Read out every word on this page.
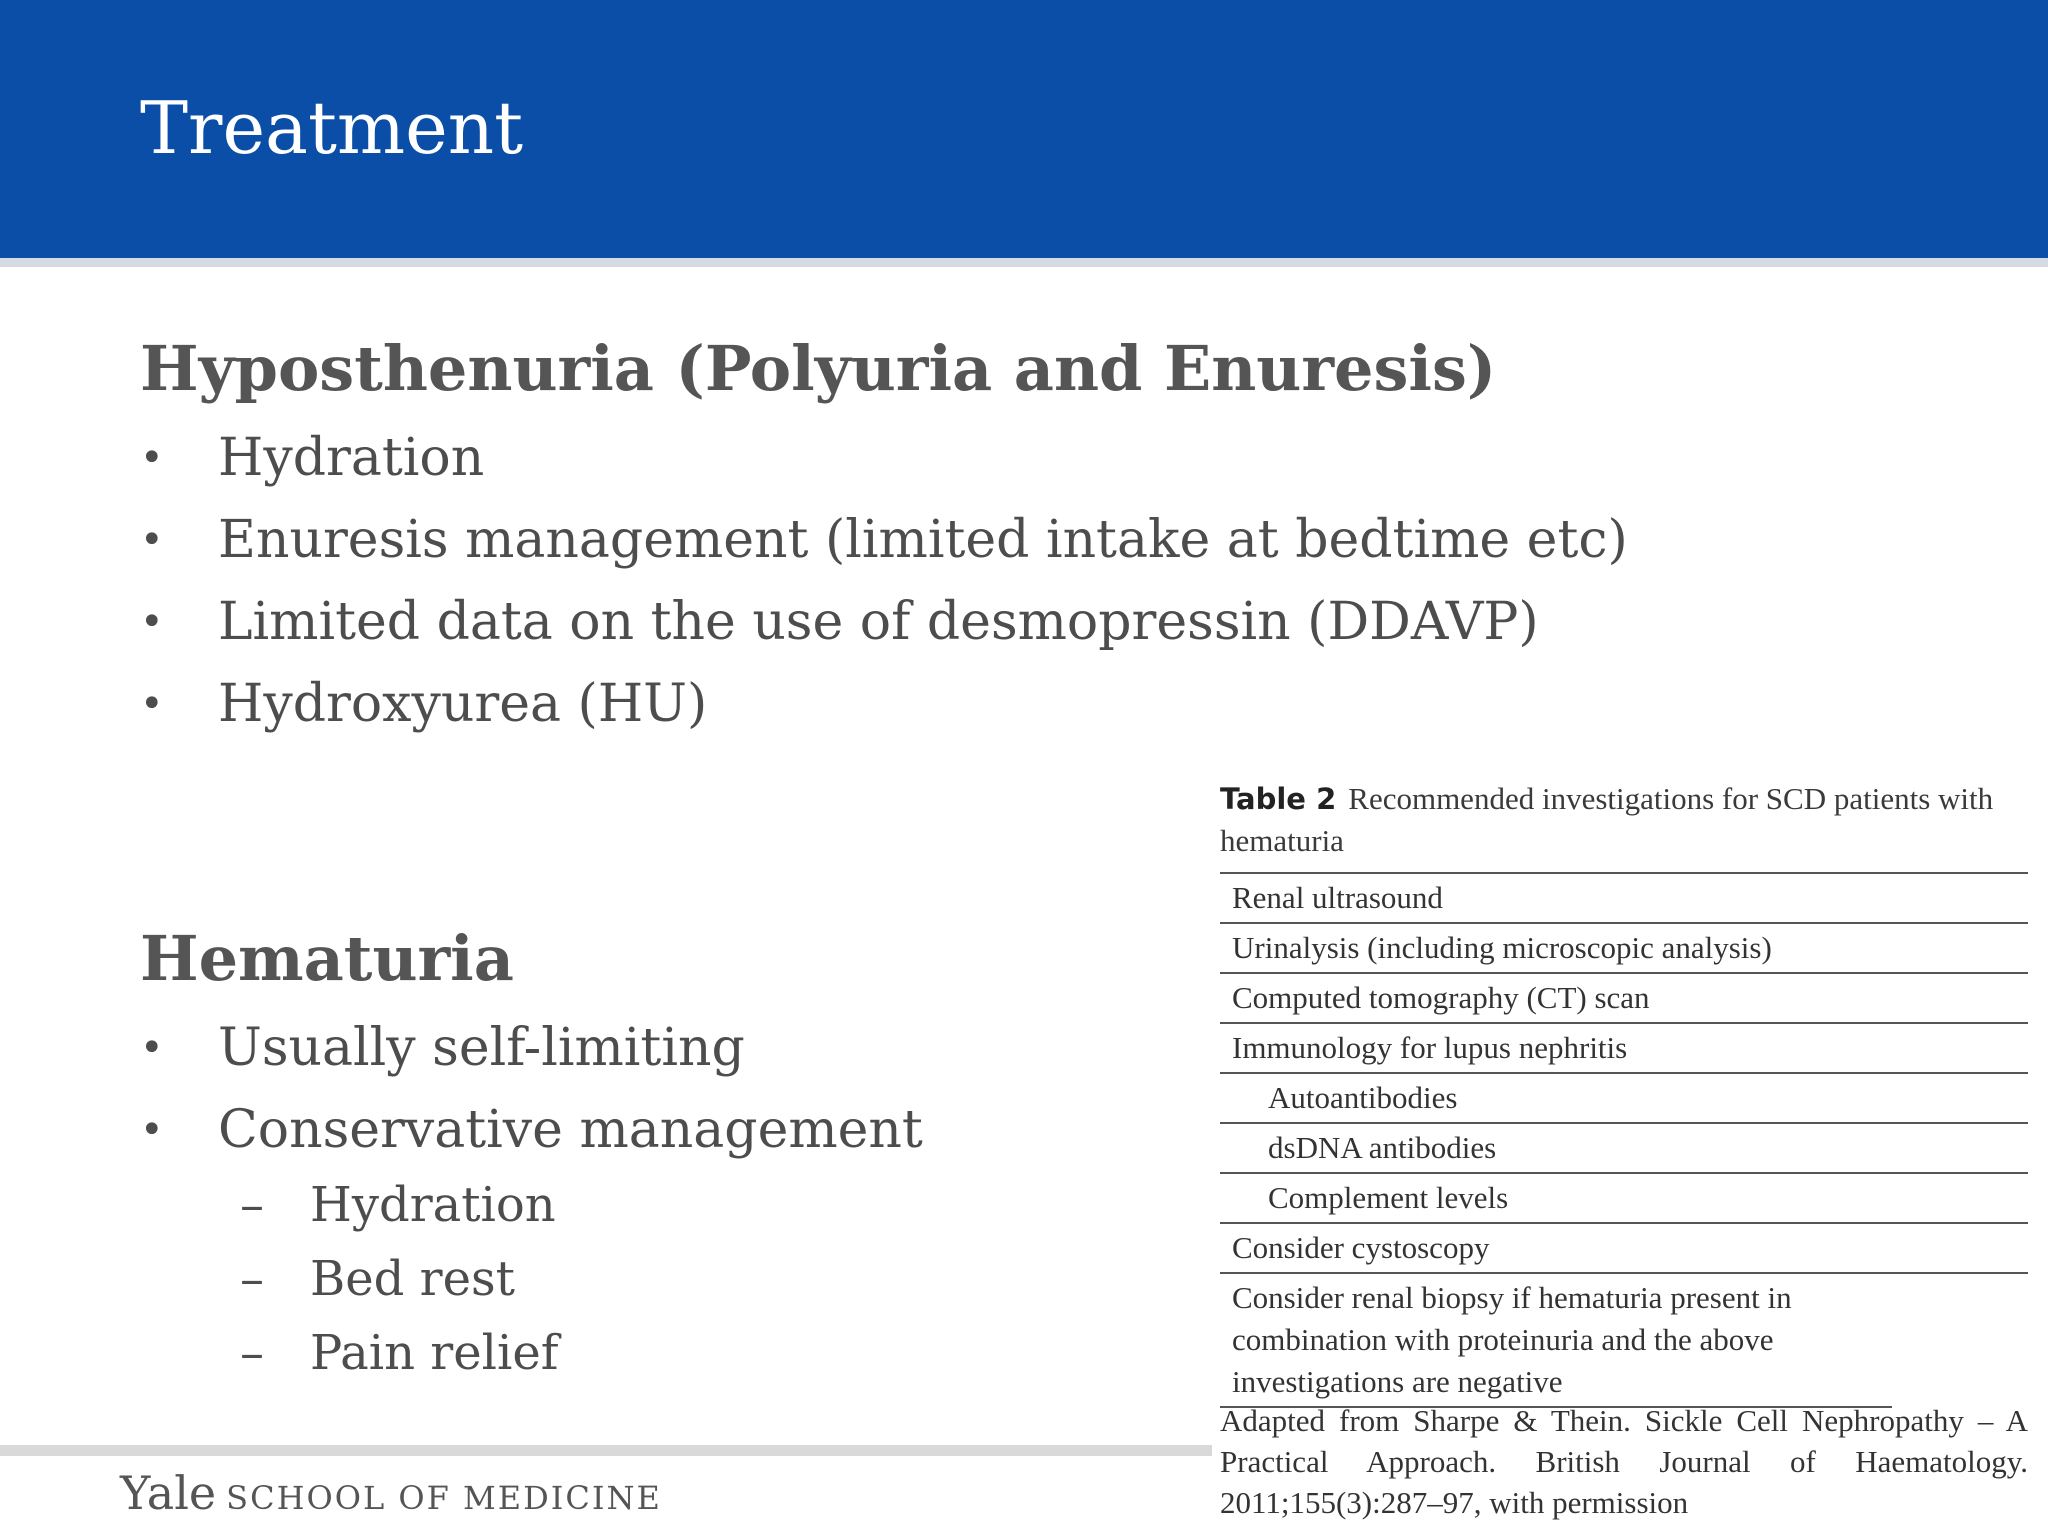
Treatment
Hyposthenuria (Polyuria and Enuresis)
•	Hydration
•	Enuresis management (limited intake at bedtime etc)
•	Limited data on the use of desmopressin (DDAVP)
•	Hydroxyurea (HU)
Hematuria
•	Usually self-limiting
•	Conservative management
– Hydration
– Bed rest
– Pain relief
Yale SCHOOL OF MEDICINE
Table 2 Recommended investigations for SCD patients with hematuria
Renal ultrasound
Urinalysis (including microscopic analysis)
Computed tomography (CT) scan
Immunology for lupus nephritis
Autoantibodies
dsDNA antibodies
Complement levels
Consider cystoscopy
Consider renal biopsy if hematuria present in combination with proteinuria and the above investigations are negative
Adapted from Sharpe & Thein. Sickle Cell Nephropathy – A Practical Approach. British Journal of Haematology. 2011;155(3):287–97, with permission
